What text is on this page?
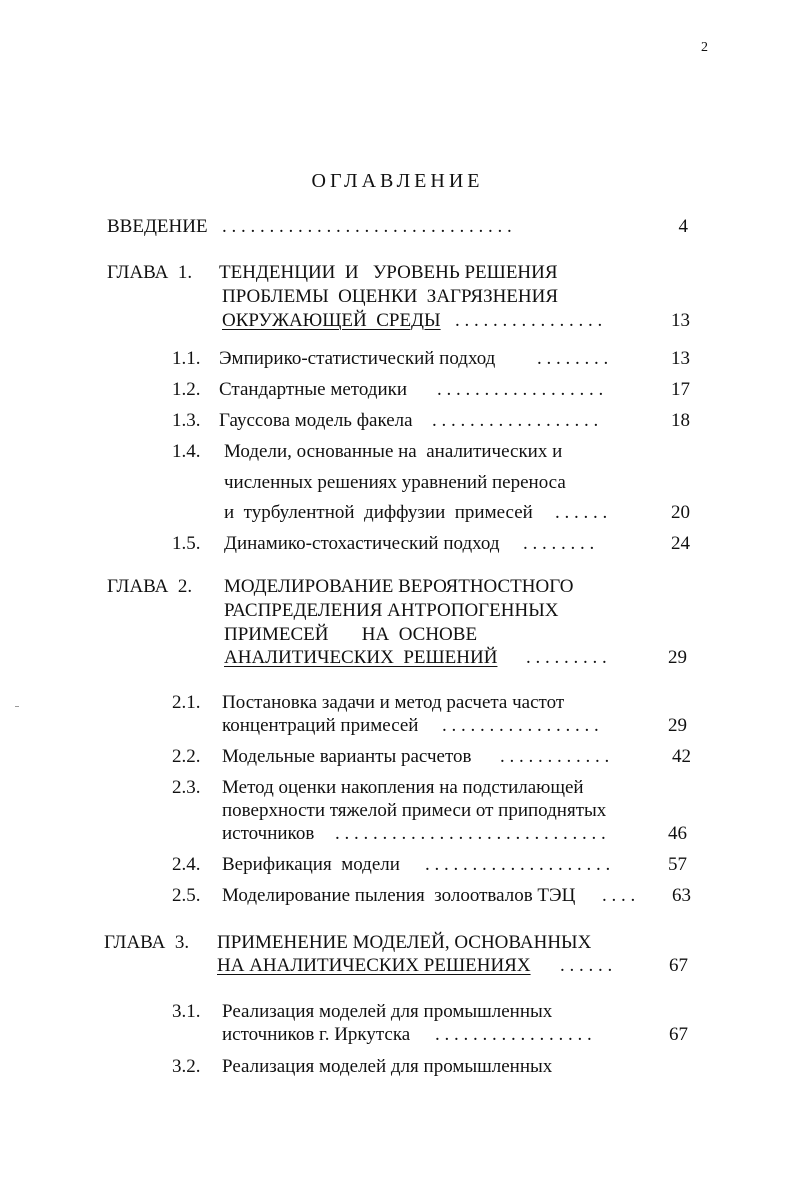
2
ОГЛАВЛЕНИЕ
ВВЕДЕНИЕ . . . . . . . . . . . . . . . . . . . . . . . . . . . . . . .	4
ГЛАВА  1. ТЕНДЕНЦИИ  И   УРОВЕНЬ РЕШЕНИЯ
ПРОБЛЕМЫ  ОЦЕНКИ  ЗАГРЯЗНЕНИЯ
ОКРУЖАЮЩЕЙ  СРЕДЫ . . . . . . . . . . . . . . . .	13
1.1. Эмпирико-статистический подход . . . . . . . .	13
1.2. Стандартные методики . . . . . . . . . . . . . . . . . .	17
1.3. Гауссова модель факела . . . . . . . . . . . . . . . . . .	18
1.4. Модели, основанные на  аналитических и
численных решениях уравнений переноса
и  турбулентной  диффузии  примесей . . . . . .	20
1.5. Динамико-стохастический подход . . . . . . . .	24
ГЛАВА  2. МОДЕЛИРОВАНИЕ ВЕРОЯТНОСТНОГО
РАСПРЕДЕЛЕНИЯ АНТРОПОГЕННЫХ
ПРИМЕСЕЙ       НА  ОСНОВЕ
АНАЛИТИЧЕСКИХ  РЕШЕНИЙ . . . . . . . . .	29
2.1. Постановка задачи и метод расчета частот
концентраций примесей . . . . . . . . . . . . . . . . .	29
2.2. Модельные варианты расчетов . . . . . . . . . . . .	42
2.3. Метод оценки накопления на подстилающей
поверхности тяжелой примеси от приподнятых
источников . . . . . . . . . . . . . . . . . . . . . . . . . . . . .	46
2.4. Верификация  модели . . . . . . . . . . . . . . . . . . . .	57
2.5. Моделирование пыления  золоотвалов ТЭЦ . . . .	63
ГЛАВА  3. ПРИМЕНЕНИЕ МОДЕЛЕЙ, ОСНОВАННЫХ
НА АНАЛИТИЧЕСКИХ РЕШЕНИЯХ . . . . . .	67
3.1. Реализация моделей для промышленных
источников г. Иркутска . . . . . . . . . . . . . . . . .	67
3.2. Реализация моделей для промышленных
